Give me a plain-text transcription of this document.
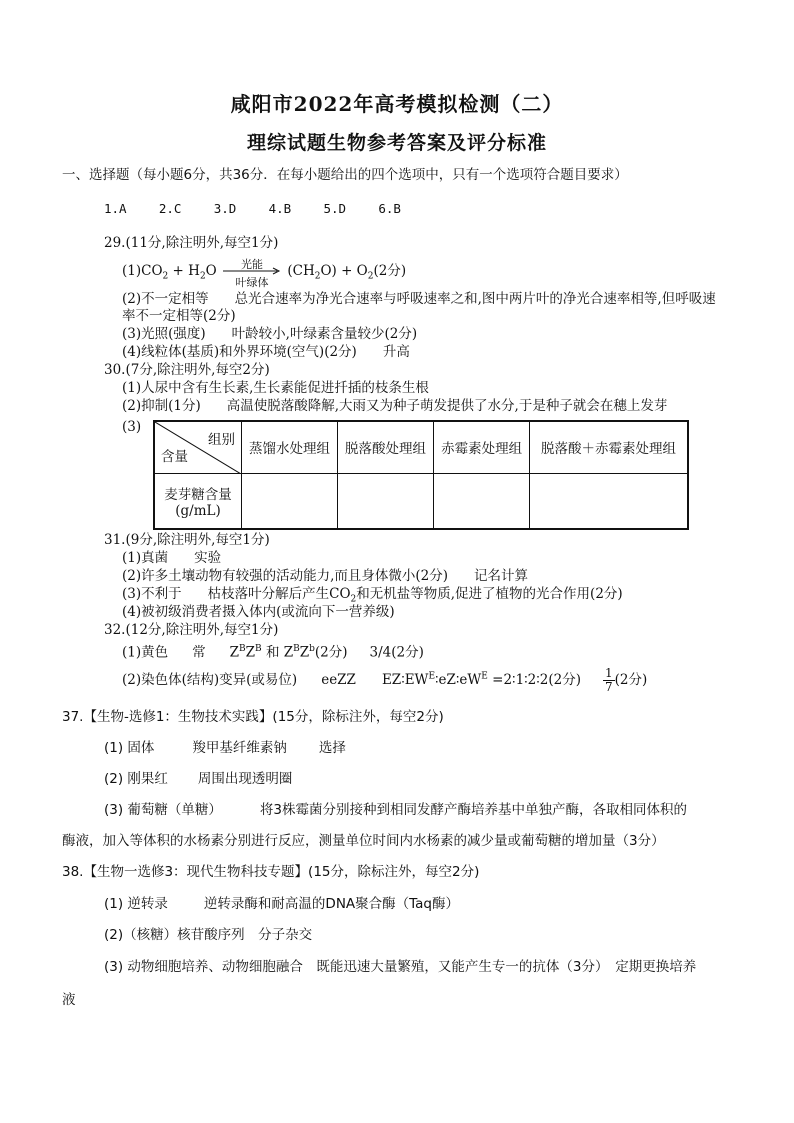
咸阳市2022年高考模拟检测（二）
理综试题生物参考答案及评分标准
一、选择题（每小题6分，共36分．在每小题给出的四个选项中，只有一个选项符合题目要求）
1.A	2.C	3.D	4.B	5.D	6.B
29.(11分,除注明外,每空1分)
$(1)CO_2 + H_2O$	光能
叶绿体
$(CH_2O) + O_2(2$分)
(2)不一定相等 总光合速率为净光合速率与呼吸速率之和,图中两片叶的净光合速率相等,但呼吸速
率不一定相等(2分)
(3)光照(强度) 叶龄较小,叶绿素含量较少(2分)
(4)线粒体(基质)和外界环境(空气)(2分) 升高
30.(7分,除注明外,每空2分)
(1)人尿中含有生长素,生长素能促进扦插的枝条生根
(2)抑制(1分) 高温使脱落酸降解,大雨又为种子萌发提供了水分,于是种子就会在穗上发芽
(3)
组别
含量	蒸馏水处理组	脱落酸处理组	赤霉素处理组	脱落酸＋赤霉素处理组

麦芽糖含量
(g/mL)				

31.(9分,除注明外,每空1分)
(1)真菌 实验
(2)许多土壤动物有较强的活动能力,而且身体微小(2分) 记名计算
(3)不利于 枯枝落叶分解后产生$CO_2$和无机盐等物质,促进了植物的光合作用(2分)
(4)被初级消费者摄入体内(或流向下一营养级)
32.(12分,除注明外,每空1分)
(1)黄色 常 $Z^BZ^B$ 和 $Z^BZ^b(2$分) 3/4(2分)
(2)染色体(结构)变异(或易位) eeZZ $EZ∶EW^E∶eZ∶eW^E$ =2∶1∶2∶2(2分) $\frac{1}{7} (2$分)
37.【生物-选修1：生物技术实践】(15分，除标注外，每空2分)
(1) 固体	羧甲基纤维素钠 选择
(2) 刚果红 周围出现透明圈
(3) 葡萄糖（单糖）	将3株霉菌分别接种到相同发酵产酶培养基中单独产酶，各取相同体积的
酶液，加入等体积的水杨素分别进行反应，测量单位时间内水杨素的减少量或葡萄糖的增加量（3分）
38.【生物一选修3：现代生物科技专题】(15分，除标注外，每空2分)
(1) 逆转录	逆转录酶和耐高温的DNA聚合酶（Taq酶）
(2)（核糖）核苷酸序列　分子杂交
(3) 动物细胞培养、动物细胞融合　既能迅速大量繁殖，又能产生专一的抗体（3分）　定期更换培养
液
